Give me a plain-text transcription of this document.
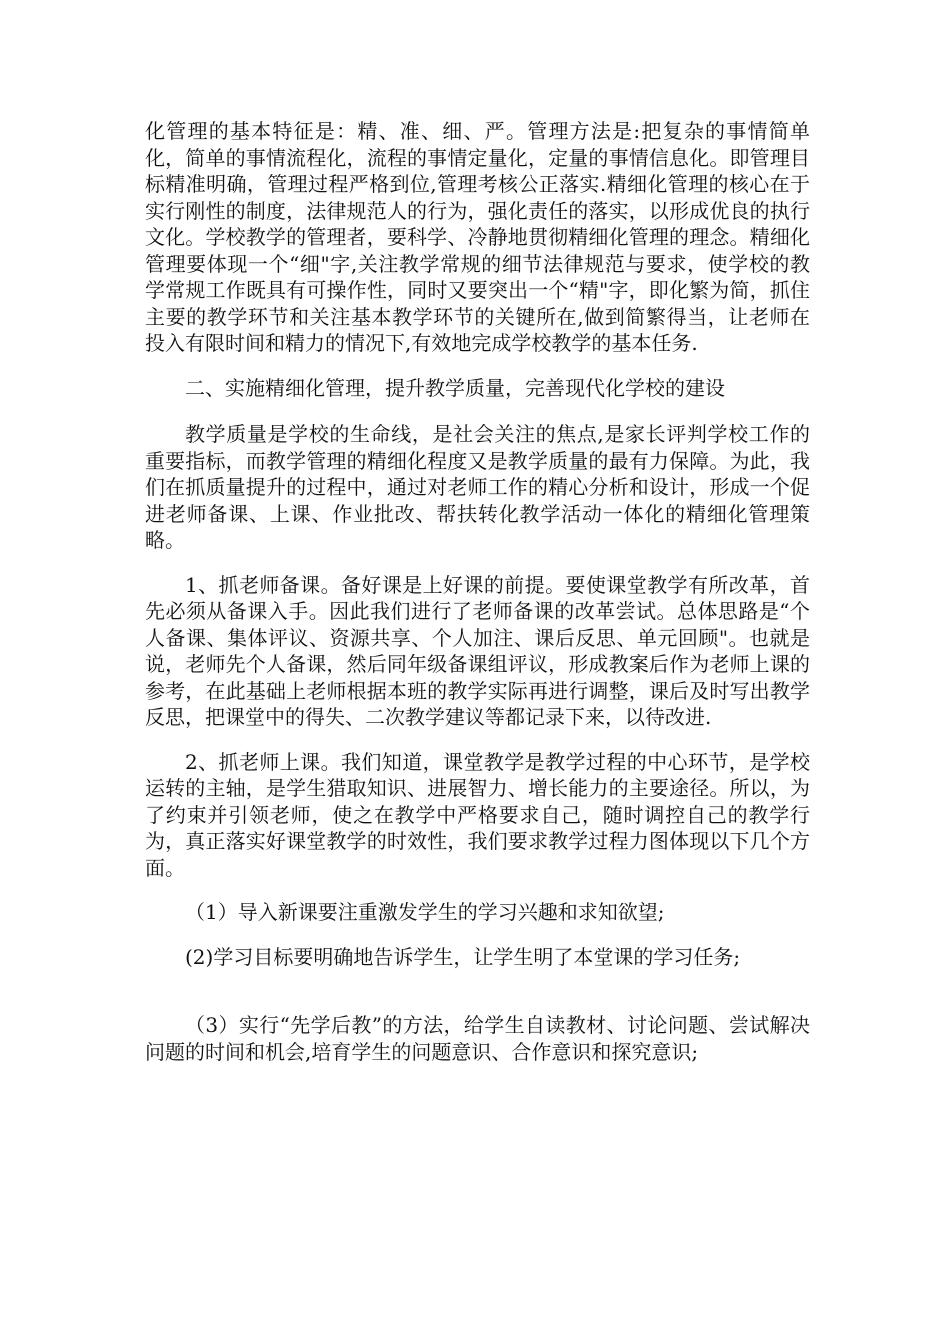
化管理的基本特征是：精、准、细、严。管理方法是:把复杂的事情简单化，简单的事情流程化，流程的事情定量化，定量的事情信息化。即管理目标精准明确，管理过程严格到位,管理考核公正落实.精细化管理的核心在于实行刚性的制度，法律规范人的行为，强化责任的落实，以形成优良的执行文化。学校教学的管理者，要科学、冷静地贯彻精细化管理的理念。精细化管理要体现一个“细"字,关注教学常规的细节法律规范与要求，使学校的教学常规工作既具有可操作性，同时又要突出一个“精"字，即化繁为简，抓住主要的教学环节和关注基本教学环节的关键所在,做到简繁得当，让老师在投入有限时间和精力的情况下,有效地完成学校教学的基本任务.

二、实施精细化管理，提升教学质量，完善现代化学校的建设

教学质量是学校的生命线，是社会关注的焦点,是家长评判学校工作的重要指标，而教学管理的精细化程度又是教学质量的最有力保障。为此，我们在抓质量提升的过程中，通过对老师工作的精心分析和设计，形成一个促进老师备课、上课、作业批改、帮扶转化教学活动一体化的精细化管理策略。

1、抓老师备课。备好课是上好课的前提。要使课堂教学有所改革，首先必须从备课入手。因此我们进行了老师备课的改革尝试。总体思路是“个人备课、集体评议、资源共享、个人加注、课后反思、单元回顾"。也就是说，老师先个人备课，然后同年级备课组评议，形成教案后作为老师上课的参考，在此基础上老师根据本班的教学实际再进行调整，课后及时写出教学反思，把课堂中的得失、二次教学建议等都记录下来，以待改进.

2、抓老师上课。我们知道，课堂教学是教学过程的中心环节，是学校运转的主轴，是学生猎取知识、进展智力、增长能力的主要途径。所以，为了约束并引领老师，使之在教学中严格要求自己，随时调控自己的教学行为，真正落实好课堂教学的时效性，我们要求教学过程力图体现以下几个方面。

（1）导入新课要注重激发学生的学习兴趣和求知欲望;

(2)学习目标要明确地告诉学生，让学生明了本堂课的学习任务;

（3）实行“先学后教”的方法，给学生自读教材、讨论问题、尝试解决问题的时间和机会,培育学生的问题意识、合作意识和探究意识;
